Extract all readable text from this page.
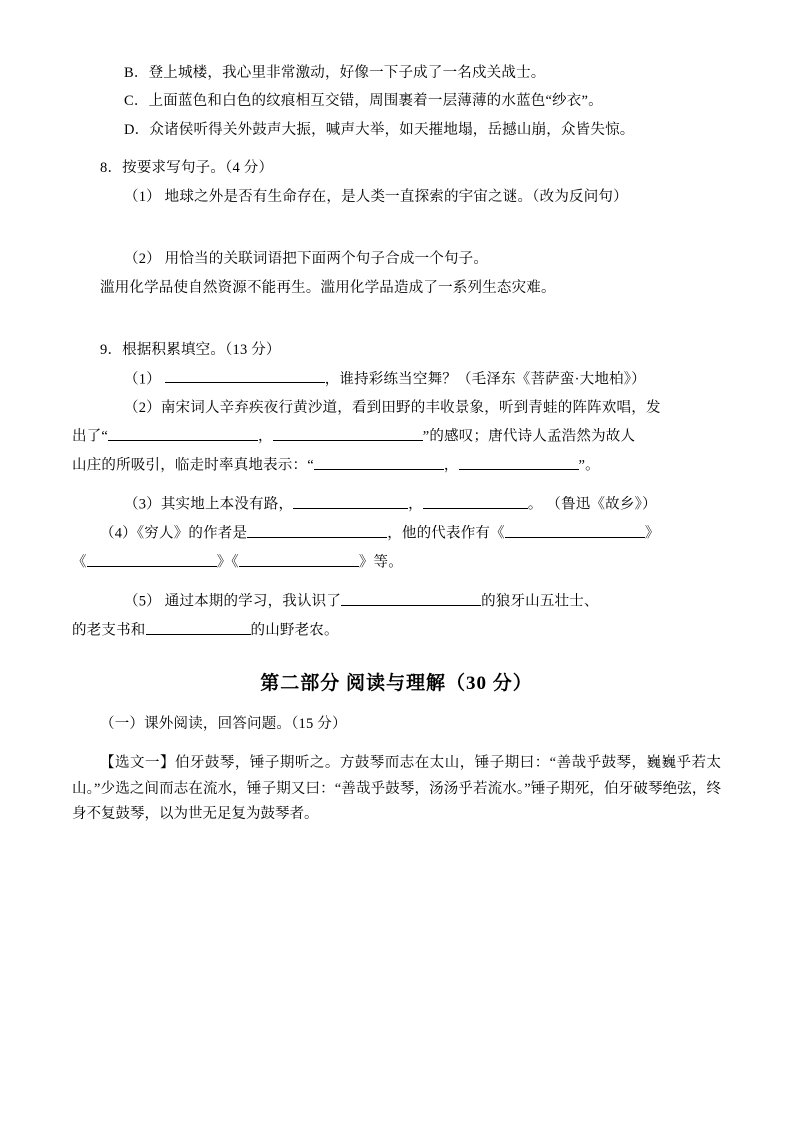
B．登上城楼，我心里非常激动，好像一下子成了一名戍关战士。

C．上面蓝色和白色的纹痕相互交错，周围裹着一层薄薄的水蓝色“纱衣”。

D．众诸侯听得关外鼓声大振，喊声大举，如天摧地塌，岳撼山崩，众皆失惊。

8．按要求写句子。（4 分）

（1） 地球之外是否有生命存在，是人类一直探索的宇宙之谜。（改为反问句）

（2） 用恰当的关联词语把下面两个句子合成一个句子。

滥用化学品使自然资源不能再生。滥用化学品造成了一系列生态灾难。

9．根据积累填空。（13 分）

（1）	，谁持彩练当空舞？（毛泽东《菩萨蛮·大地柏》）

（2）南宋词人辛弃疾夜行黄沙道，看到田野的丰收景象，听到青蛙的阵阵欢唱，发

出了“	，	”的感叹；唐代诗人孟浩然为故人

山庄的所吸引，临走时率真地表示：“	，	”。

（3）其实地上本没有路，	，	。 （鲁迅《故乡》）

（4）《穷人》的作者是	，他的代表作有《	》

《	》《	》等。

（5） 通过本期的学习，我认识了	的狼牙山五壮士、

的老支书和	的山野老农。

第二部分 阅读与理解（30 分）

（一）课外阅读，回答问题。（15 分）

【选文一】伯牙鼓琴，锤子期听之。方鼓琴而志在太山，锤子期曰：“善哉乎鼓琴，巍巍乎若太山。”少选之间而志在流水，锤子期又曰：“善哉乎鼓琴，汤汤乎若流水。”锤子期死，伯牙破琴绝弦，终身不复鼓琴，以为世无足复为鼓琴者。
